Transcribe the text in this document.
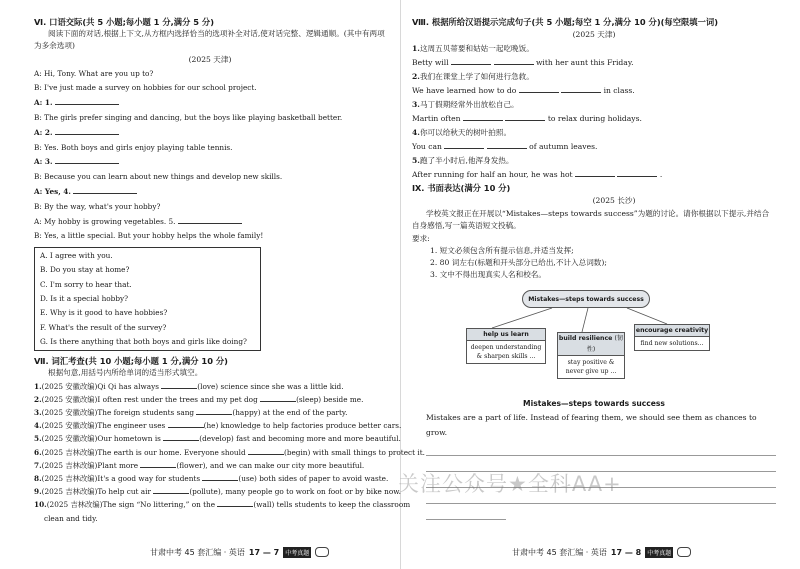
Ⅵ. 口语交际(共 5 小题;每小题 1 分,满分 5 分)

阅读下面的对话,根据上下文,从方框内选择恰当的选项补全对话,使对话完整、逻辑通顺。(其中有两项为多余选项)

(2025 天津)
A: Hi, Tony. What are you up to?
B: I've just made a survey on hobbies for our school project.
A: 1.
B: The girls prefer singing and dancing, but the boys like playing basketball better.
A: 2.
B: Yes. Both boys and girls enjoy playing table tennis.
A: 3.
B: Because you can learn about new things and develop new skills.
A: Yes, 4.
B: By the way, what's your hobby?
A: My hobby is growing vegetables. 5.
B: Yes, a little special. But your hobby helps the whole family!
A. I agree with you.
B. Do you stay at home?
C. I'm sorry to hear that.
D. Is it a special hobby?
E. Why is it good to have hobbies?
F. What's the result of the survey?
G. Is there anything that both boys and girls like doing?
Ⅶ. 词汇考查(共 10 小题;每小题 1 分,满分 10 分)

根据句意,用括号内所给单词的适当形式填空。

1.(2025 安徽改编)Qi Qi has always	(love) science since she was a little kid.
2.(2025 安徽改编)I often rest under the trees and my pet dog	(sleep) beside me.
3.(2025 安徽改编)The foreign students sang	(happy) at the end of the party.
4.(2025 安徽改编)The engineer uses	(he) knowledge to help factories produce better cars.
5.(2025 安徽改编)Our hometown is	(develop) fast and becoming more and more beautiful.
6.(2025 吉林改编)The earth is our home. Everyone should	(begin) with small things to protect it.
7.(2025 吉林改编)Plant more	(flower), and we can make our city more beautiful.
8.(2025 吉林改编)It's a good way for students	(use) both sides of paper to avoid waste.
9.(2025 吉林改编)To help cut air	(pollute), many people go to work on foot or by bike now.
10.(2025 吉林改编)The sign “No littering,” on the	(wall) tells students to keep the classroom
clean and tidy.
甘肃中考 45 套汇编 · 英语 17 — 7	中考真题
Ⅷ. 根据所给汉语提示完成句子(共 5 小题;每空 1 分,满分 10 分)(每空限填一词)
(2025 天津)
1.这周五贝蒂要和姑姑一起吃晚饭。
Betty will	with her aunt this Friday.
2.我们在课堂上学了如何进行急救。
We have learned how to do	in class.
3.马丁假期经常外出放松自己。
Martin often	to relax during holidays.
4.你可以给秋天的树叶拍照。
You can	of autumn leaves.
5.跑了半小时后,他浑身发热。
After running for half an hour, he was hot	.
Ⅸ. 书面表达(满分 10 分)
(2025 长沙)

学校英文报正在开展以“Mistakes—steps towards success”为题的讨论。请你根据以下提示,并结合自身感悟,写一篇英语短文投稿。

要求:
1. 短文必须包含所有提示信息,并适当发挥;
2. 80 词左右(标题和开头部分已给出,不计入总词数);
3. 文中不得出现真实人名和校名。
Mistakes—steps towards success
help us learn
deepen understanding & sharpen skills ...
build resilience (韧性)
stay positive & never give up ...
encourage creativity
find new solutions...
Mistakes—steps towards success
Mistakes are a part of life. Instead of fearing them, we should see them as chances to grow.
甘肃中考 45 套汇编 · 英语 17 — 8	中考真题
关注公众号★全科AA+
